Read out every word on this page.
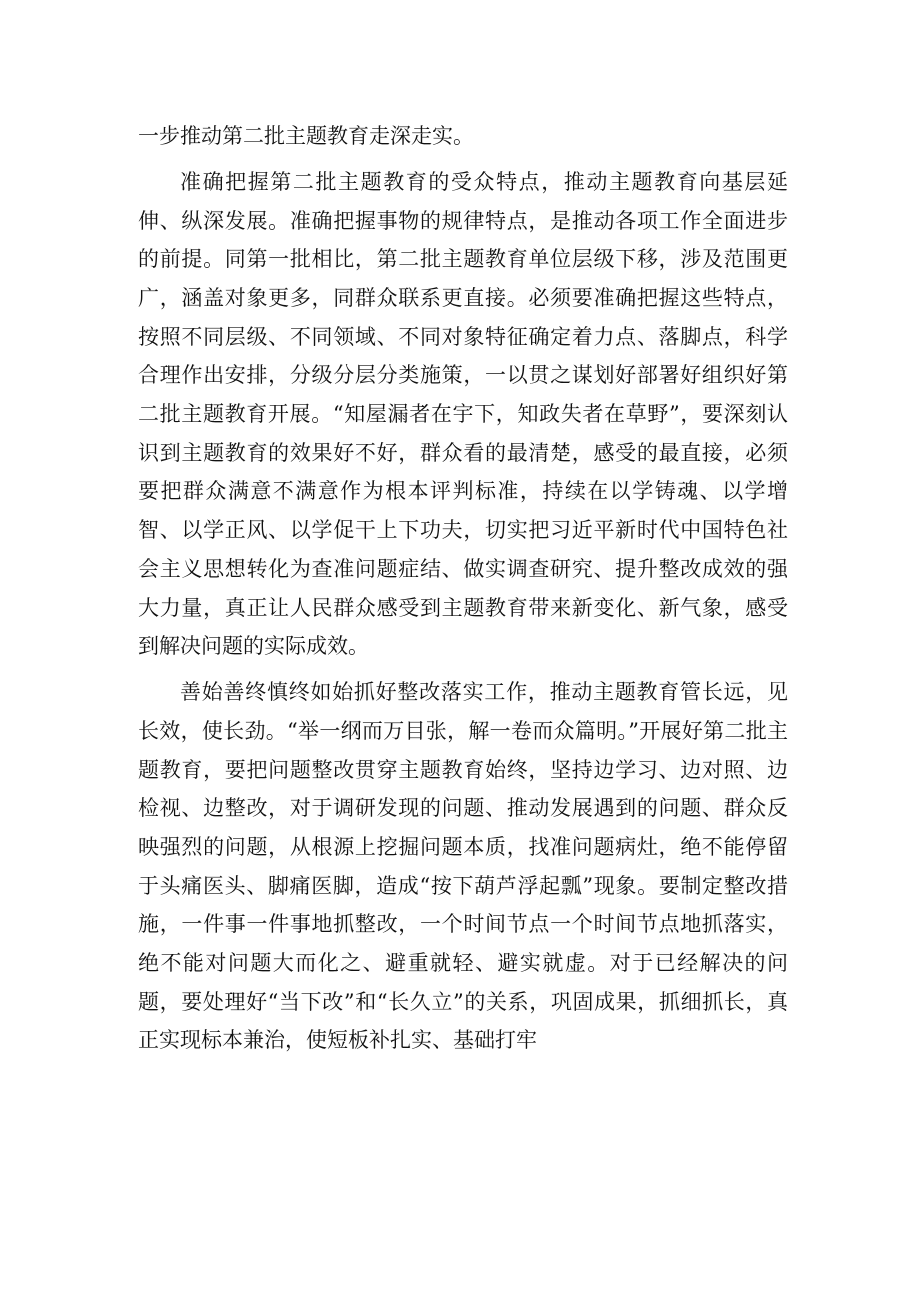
一步推动第二批主题教育走深走实。

准确把握第二批主题教育的受众特点，推动主题教育向基层延伸、纵深发展。准确把握事物的规律特点，是推动各项工作全面进步的前提。同第一批相比，第二批主题教育单位层级下移，涉及范围更广，涵盖对象更多，同群众联系更直接。必须要准确把握这些特点，按照不同层级、不同领域、不同对象特征确定着力点、落脚点，科学合理作出安排，分级分层分类施策，一以贯之谋划好部署好组织好第二批主题教育开展。“知屋漏者在宇下，知政失者在草野”，要深刻认识到主题教育的效果好不好，群众看的最清楚，感受的最直接，必须要把群众满意不满意作为根本评判标准，持续在以学铸魂、以学增智、以学正风、以学促干上下功夫，切实把习近平新时代中国特色社会主义思想转化为查准问题症结、做实调查研究、提升整改成效的强大力量，真正让人民群众感受到主题教育带来新变化、新气象，感受到解决问题的实际成效。

善始善终慎终如始抓好整改落实工作，推动主题教育管长远，见长效，使长劲。“举一纲而万目张，解一卷而众篇明。”开展好第二批主题教育，要把问题整改贯穿主题教育始终，坚持边学习、边对照、边检视、边整改，对于调研发现的问题、推动发展遇到的问题、群众反映强烈的问题，从根源上挖掘问题本质，找准问题病灶，绝不能停留于头痛医头、脚痛医脚，造成“按下葫芦浮起瓢”现象。要制定整改措施，一件事一件事地抓整改，一个时间节点一个时间节点地抓落实，绝不能对问题大而化之、避重就轻、避实就虚。对于已经解决的问题，要处理好“当下改”和“长久立”的关系，巩固成果，抓细抓长，真正实现标本兼治，使短板补扎实、基础打牢
